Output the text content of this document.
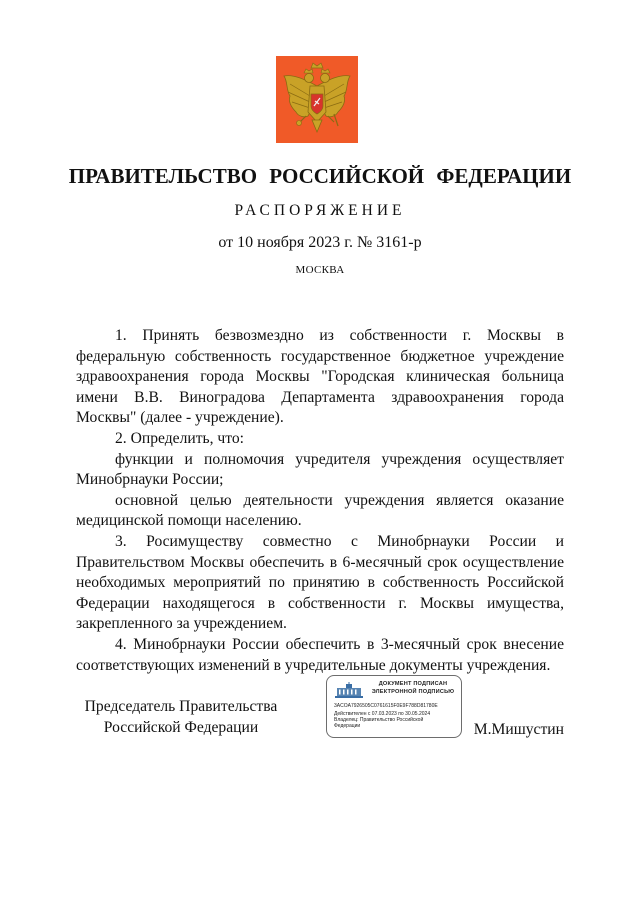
ПРАВИТЕЛЬСТВО РОССИЙСКОЙ ФЕДЕРАЦИИ
РАСПОРЯЖЕНИЕ
от 10 ноября 2023 г. № 3161-р
МОСКВА

1. Принять безвозмездно из собственности г. Москвы в федеральную собственность государственное бюджетное учреждение здравоохранения города Москвы "Городская клиническая больница имени В.В. Виноградова Департамента здравоохранения города Москвы" (далее - учреждение).

2. Определить, что:

функции и полномочия учредителя учреждения осуществляет Минобрнауки России;

основной целью деятельности учреждения является оказание медицинской помощи населению.

3. Росимуществу совместно с Минобрнауки России и Правительством Москвы обеспечить в 6-месячный срок осуществление необходимых мероприятий по принятию в собственность Российской Федерации находящегося в собственности г. Москвы имущества, закрепленного за учреждением.

4. Минобрнауки России обеспечить в 3-месячный срок внесение соответствующих изменений в учредительные документы учреждения.

Председатель Правительства
Российской Федерации
ДОКУМЕНТ ПОДПИСАН
ЭЛЕКТРОННОЙ ПОДПИСЬЮ
3ACOA7926505C0761615F0E9F788D81780E
Действителен с 07.03.2023 по 30.05.2024
Владелец: Правительство Российской
Федерации	М.Мишустин
